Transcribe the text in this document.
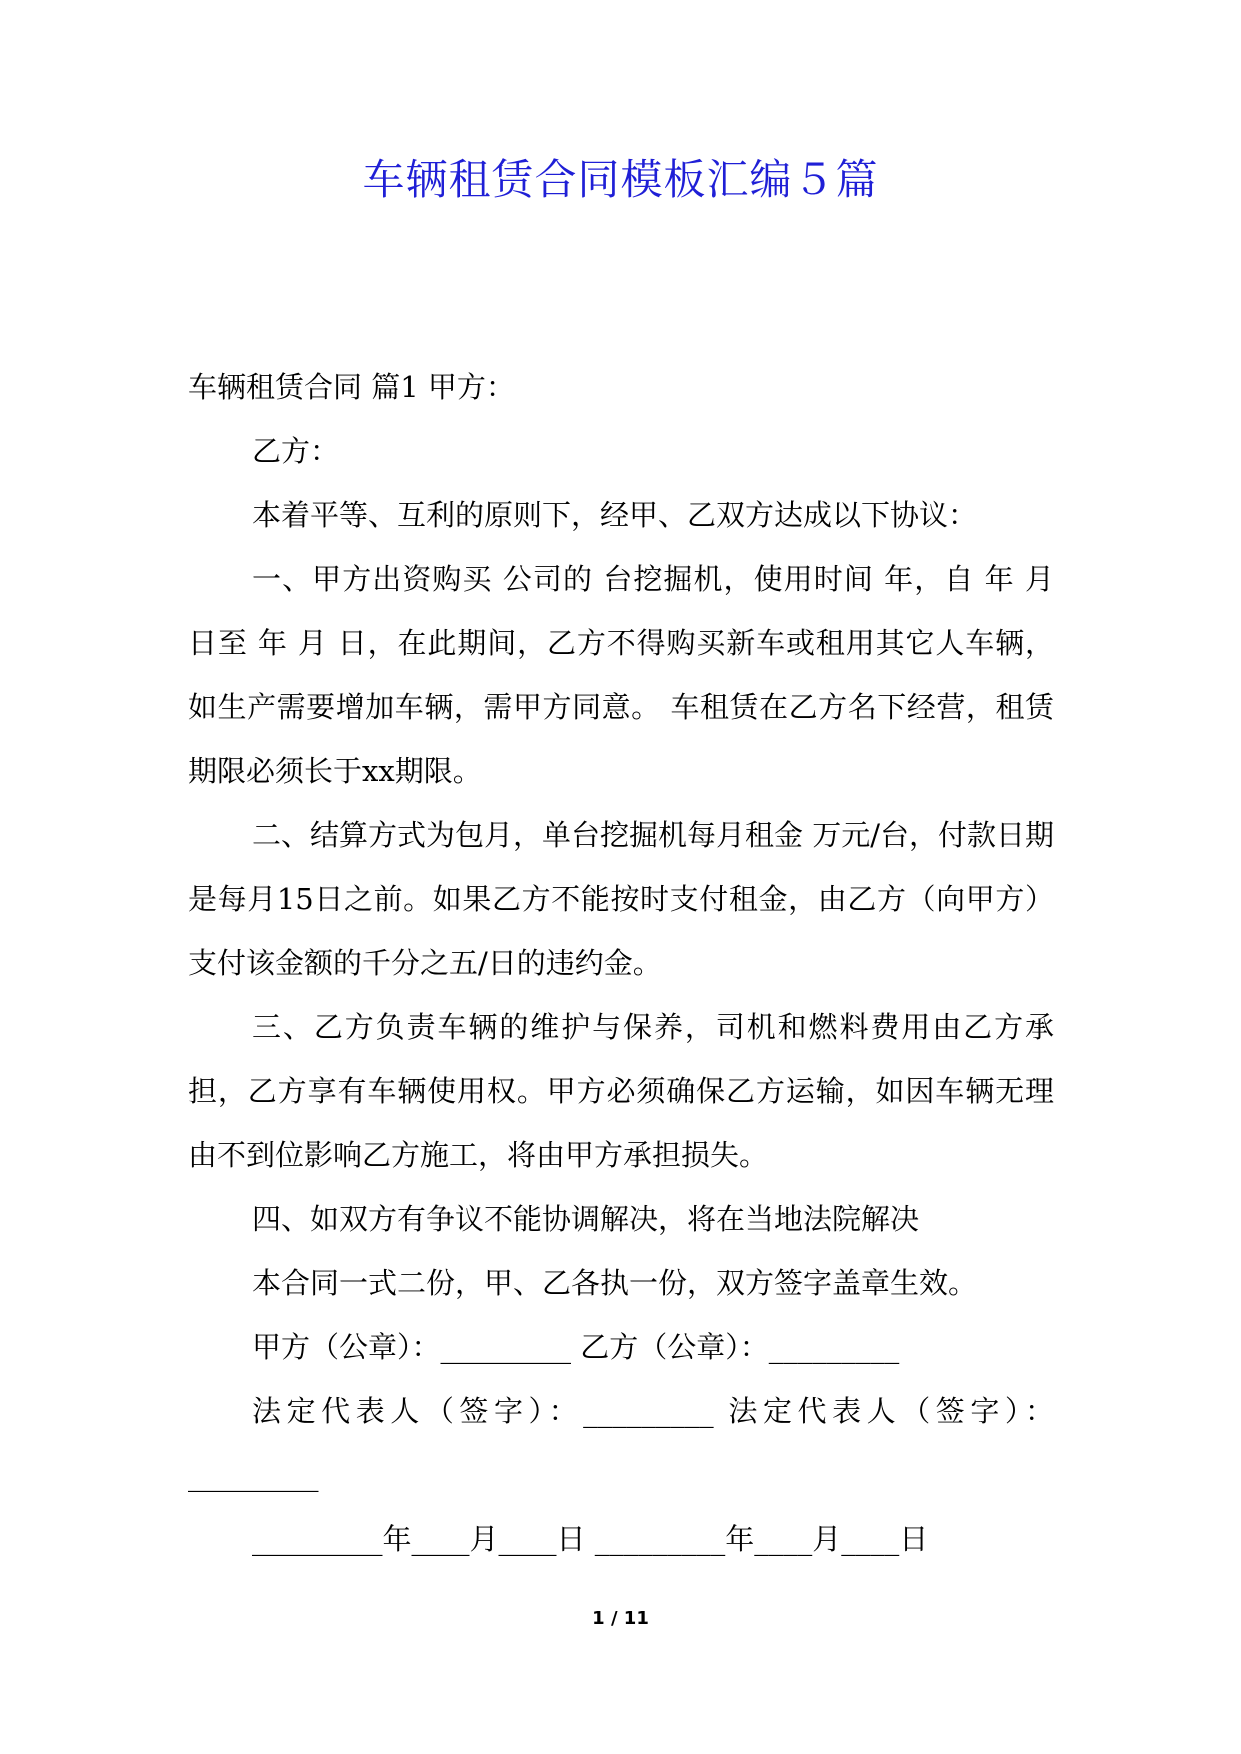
车辆租赁合同模板汇编５篇

车辆租赁合同 篇1 甲方：

乙方：

本着平等、互利的原则下，经甲、乙双方达成以下协议：

一、甲方出资购买 公司的 台挖掘机，使用时间 年，自 年 月 日至 年 月 日，在此期间，乙方不得购买新车或租用其它人车辆，如生产需要增加车辆，需甲方同意。 车租赁在乙方名下经营，租赁期限必须长于xx期限。

二、结算方式为包月，单台挖掘机每月租金 万元/台，付款日期是每月15日之前。如果乙方不能按时支付租金，由乙方（向甲方）支付该金额的千分之五/日的违约金。

三、乙方负责车辆的维护与保养，司机和燃料费用由乙方承担，乙方享有车辆使用权。甲方必须确保乙方运输，如因车辆无理由不到位影响乙方施工，将由甲方承担损失。

四、如双方有争议不能协调解决，将在当地法院解决

本合同一式二份，甲、乙各执一份，双方签字盖章生效。

甲方（公章）：_________ 乙方（公章）：_________

法定代表人（签字）：_________ 法定代表人（签字）：_________

_________年____月____日 _________年____月____日

1 / 11
